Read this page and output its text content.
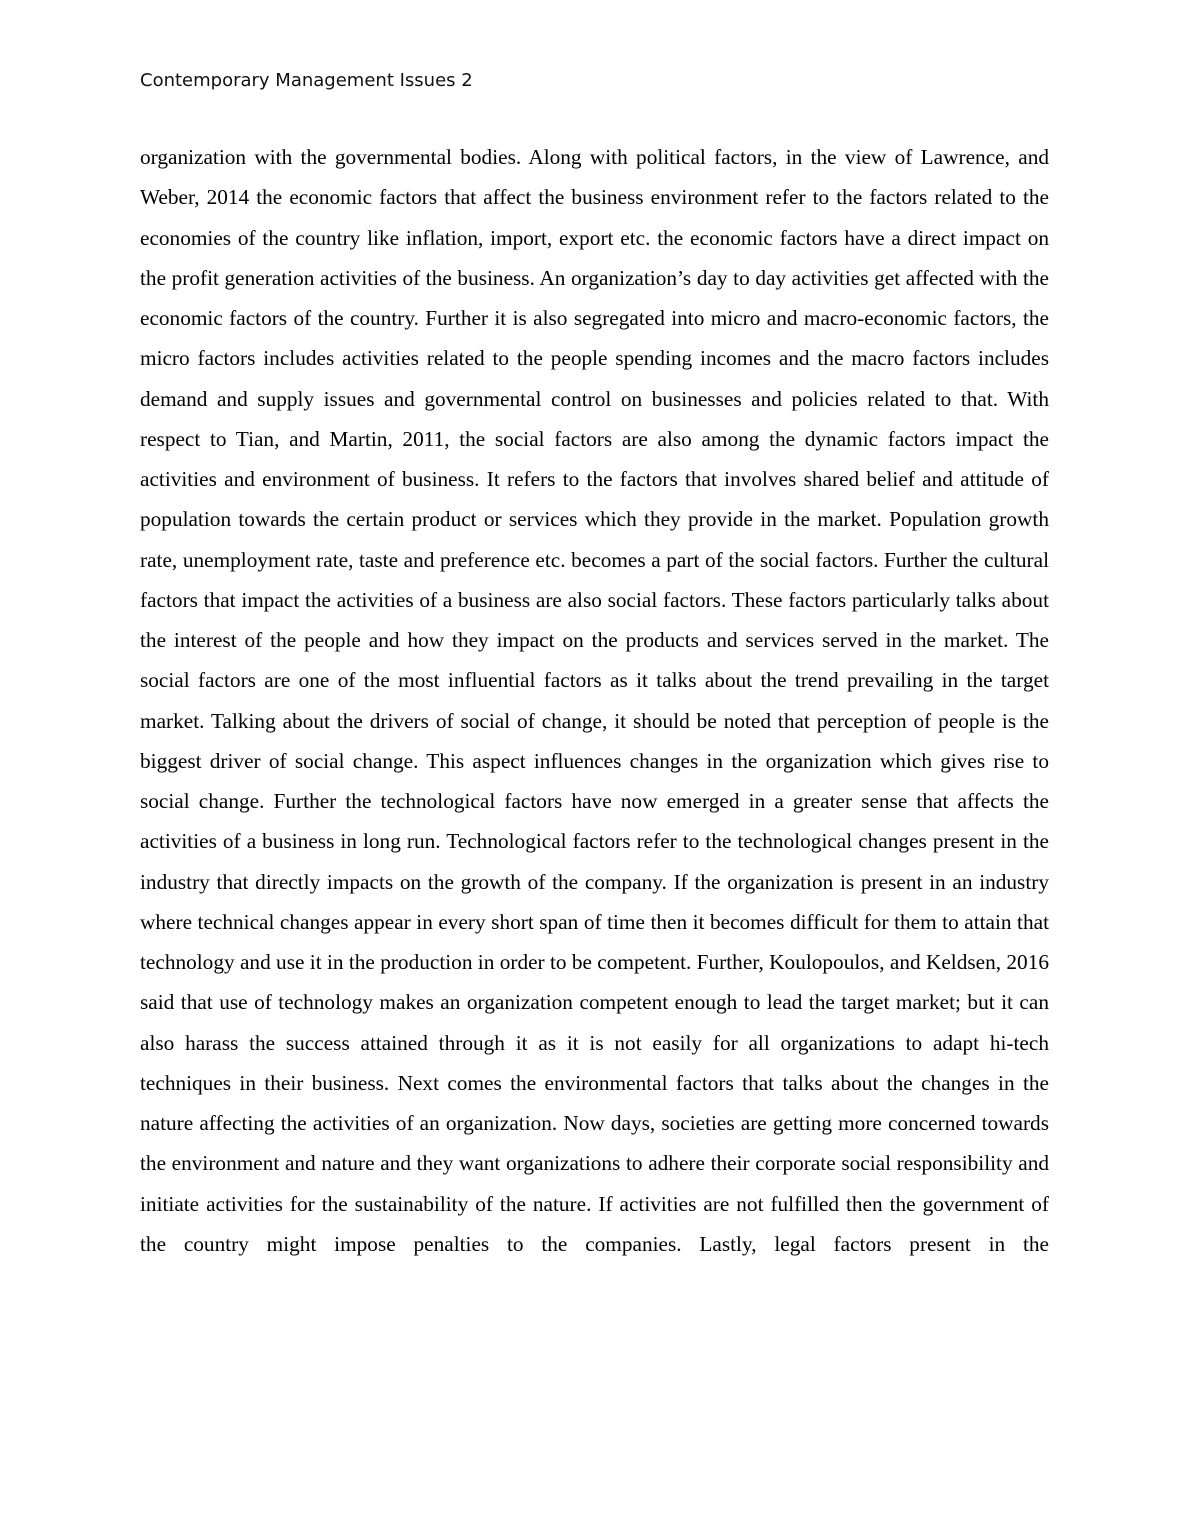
Contemporary Management Issues 2

organization with the governmental bodies. Along with political factors, in the view of Lawrence, and Weber, 2014 the economic factors that affect the business environment refer to the factors related to the economies of the country like inflation, import, export etc. the economic factors have a direct impact on the profit generation activities of the business. An organization’s day to day activities get affected with the economic factors of the country. Further it is also segregated into micro and macro-economic factors, the micro factors includes activities related to the people spending incomes and the macro factors includes demand and supply issues and governmental control on businesses and policies related to that. With respect to Tian, and Martin, 2011, the social factors are also among the dynamic factors impact the activities and environment of business. It refers to the factors that involves shared belief and attitude of population towards the certain product or services which they provide in the market. Population growth rate, unemployment rate, taste and preference etc. becomes a part of the social factors. Further the cultural factors that impact the activities of a business are also social factors. These factors particularly talks about the interest of the people and how they impact on the products and services served in the market. The social factors are one of the most influential factors as it talks about the trend prevailing in the target market. Talking about the drivers of social of change, it should be noted that perception of people is the biggest driver of social change. This aspect influences changes in the organization which gives rise to social change. Further the technological factors have now emerged in a greater sense that affects the activities of a business in long run. Technological factors refer to the technological changes present in the industry that directly impacts on the growth of the company. If the organization is present in an industry where technical changes appear in every short span of time then it becomes difficult for them to attain that technology and use it in the production in order to be competent. Further, Koulopoulos, and Keldsen, 2016 said that use of technology makes an organization competent enough to lead the target market; but it can also harass the success attained through it as it is not easily for all organizations to adapt hi-tech techniques in their business. Next comes the environmental factors that talks about the changes in the nature affecting the activities of an organization. Now days, societies are getting more concerned towards the environment and nature and they want organizations to adhere their corporate social responsibility and initiate activities for the sustainability of the nature. If activities are not fulfilled then the government of the country might impose penalties to the companies. Lastly, legal factors present in the
